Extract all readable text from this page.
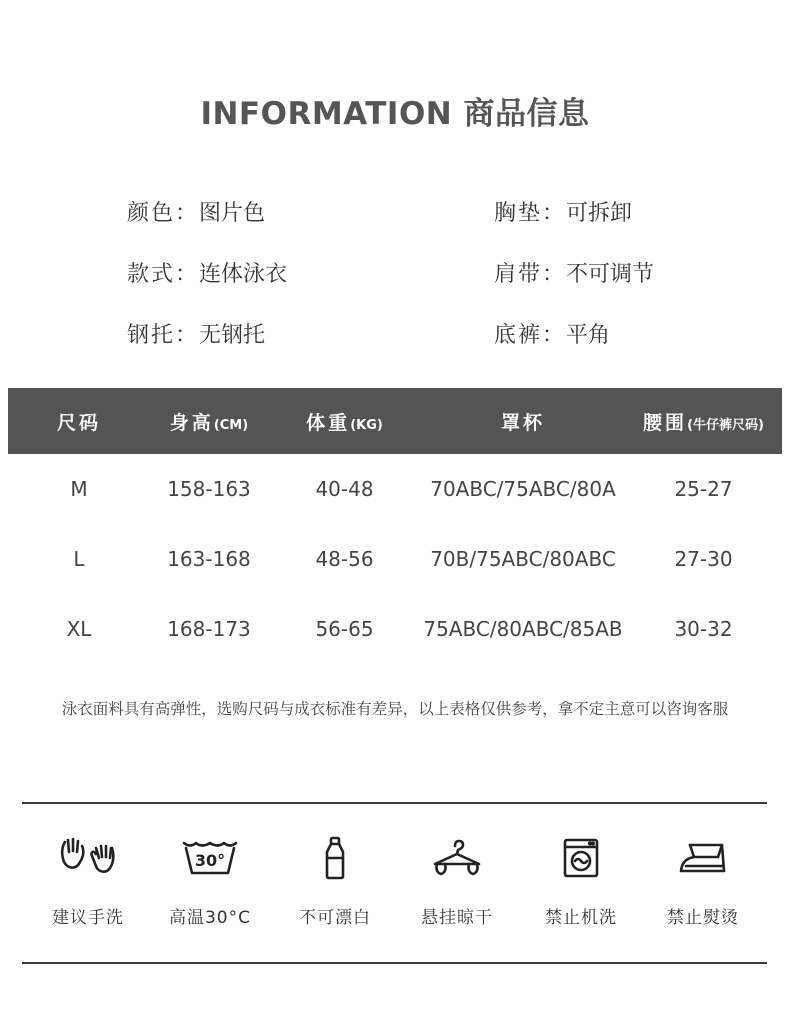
INFORMATION 商品信息
颜色：图片色	胸垫：可拆卸
款式：连体泳衣	肩带：不可调节
钢托：无钢托	底裤：平角
尺码	身高(CM)	体重(KG)	罩杯	腰围(牛仔裤尺码)
M	158-163	40-48	70ABC/75ABC/80A	25-27
L	163-168	48-56	70B/75ABC/80ABC	27-30
XL	168-173	56-65	75ABC/80ABC/85AB	30-32
泳衣面料具有高弹性，选购尺码与成衣标准有差异，以上表格仅供参考，拿不定主意可以咨询客服
建议手洗
30°
高温30°C	不可漂白	悬挂晾干	禁止机洗	禁止熨烫
